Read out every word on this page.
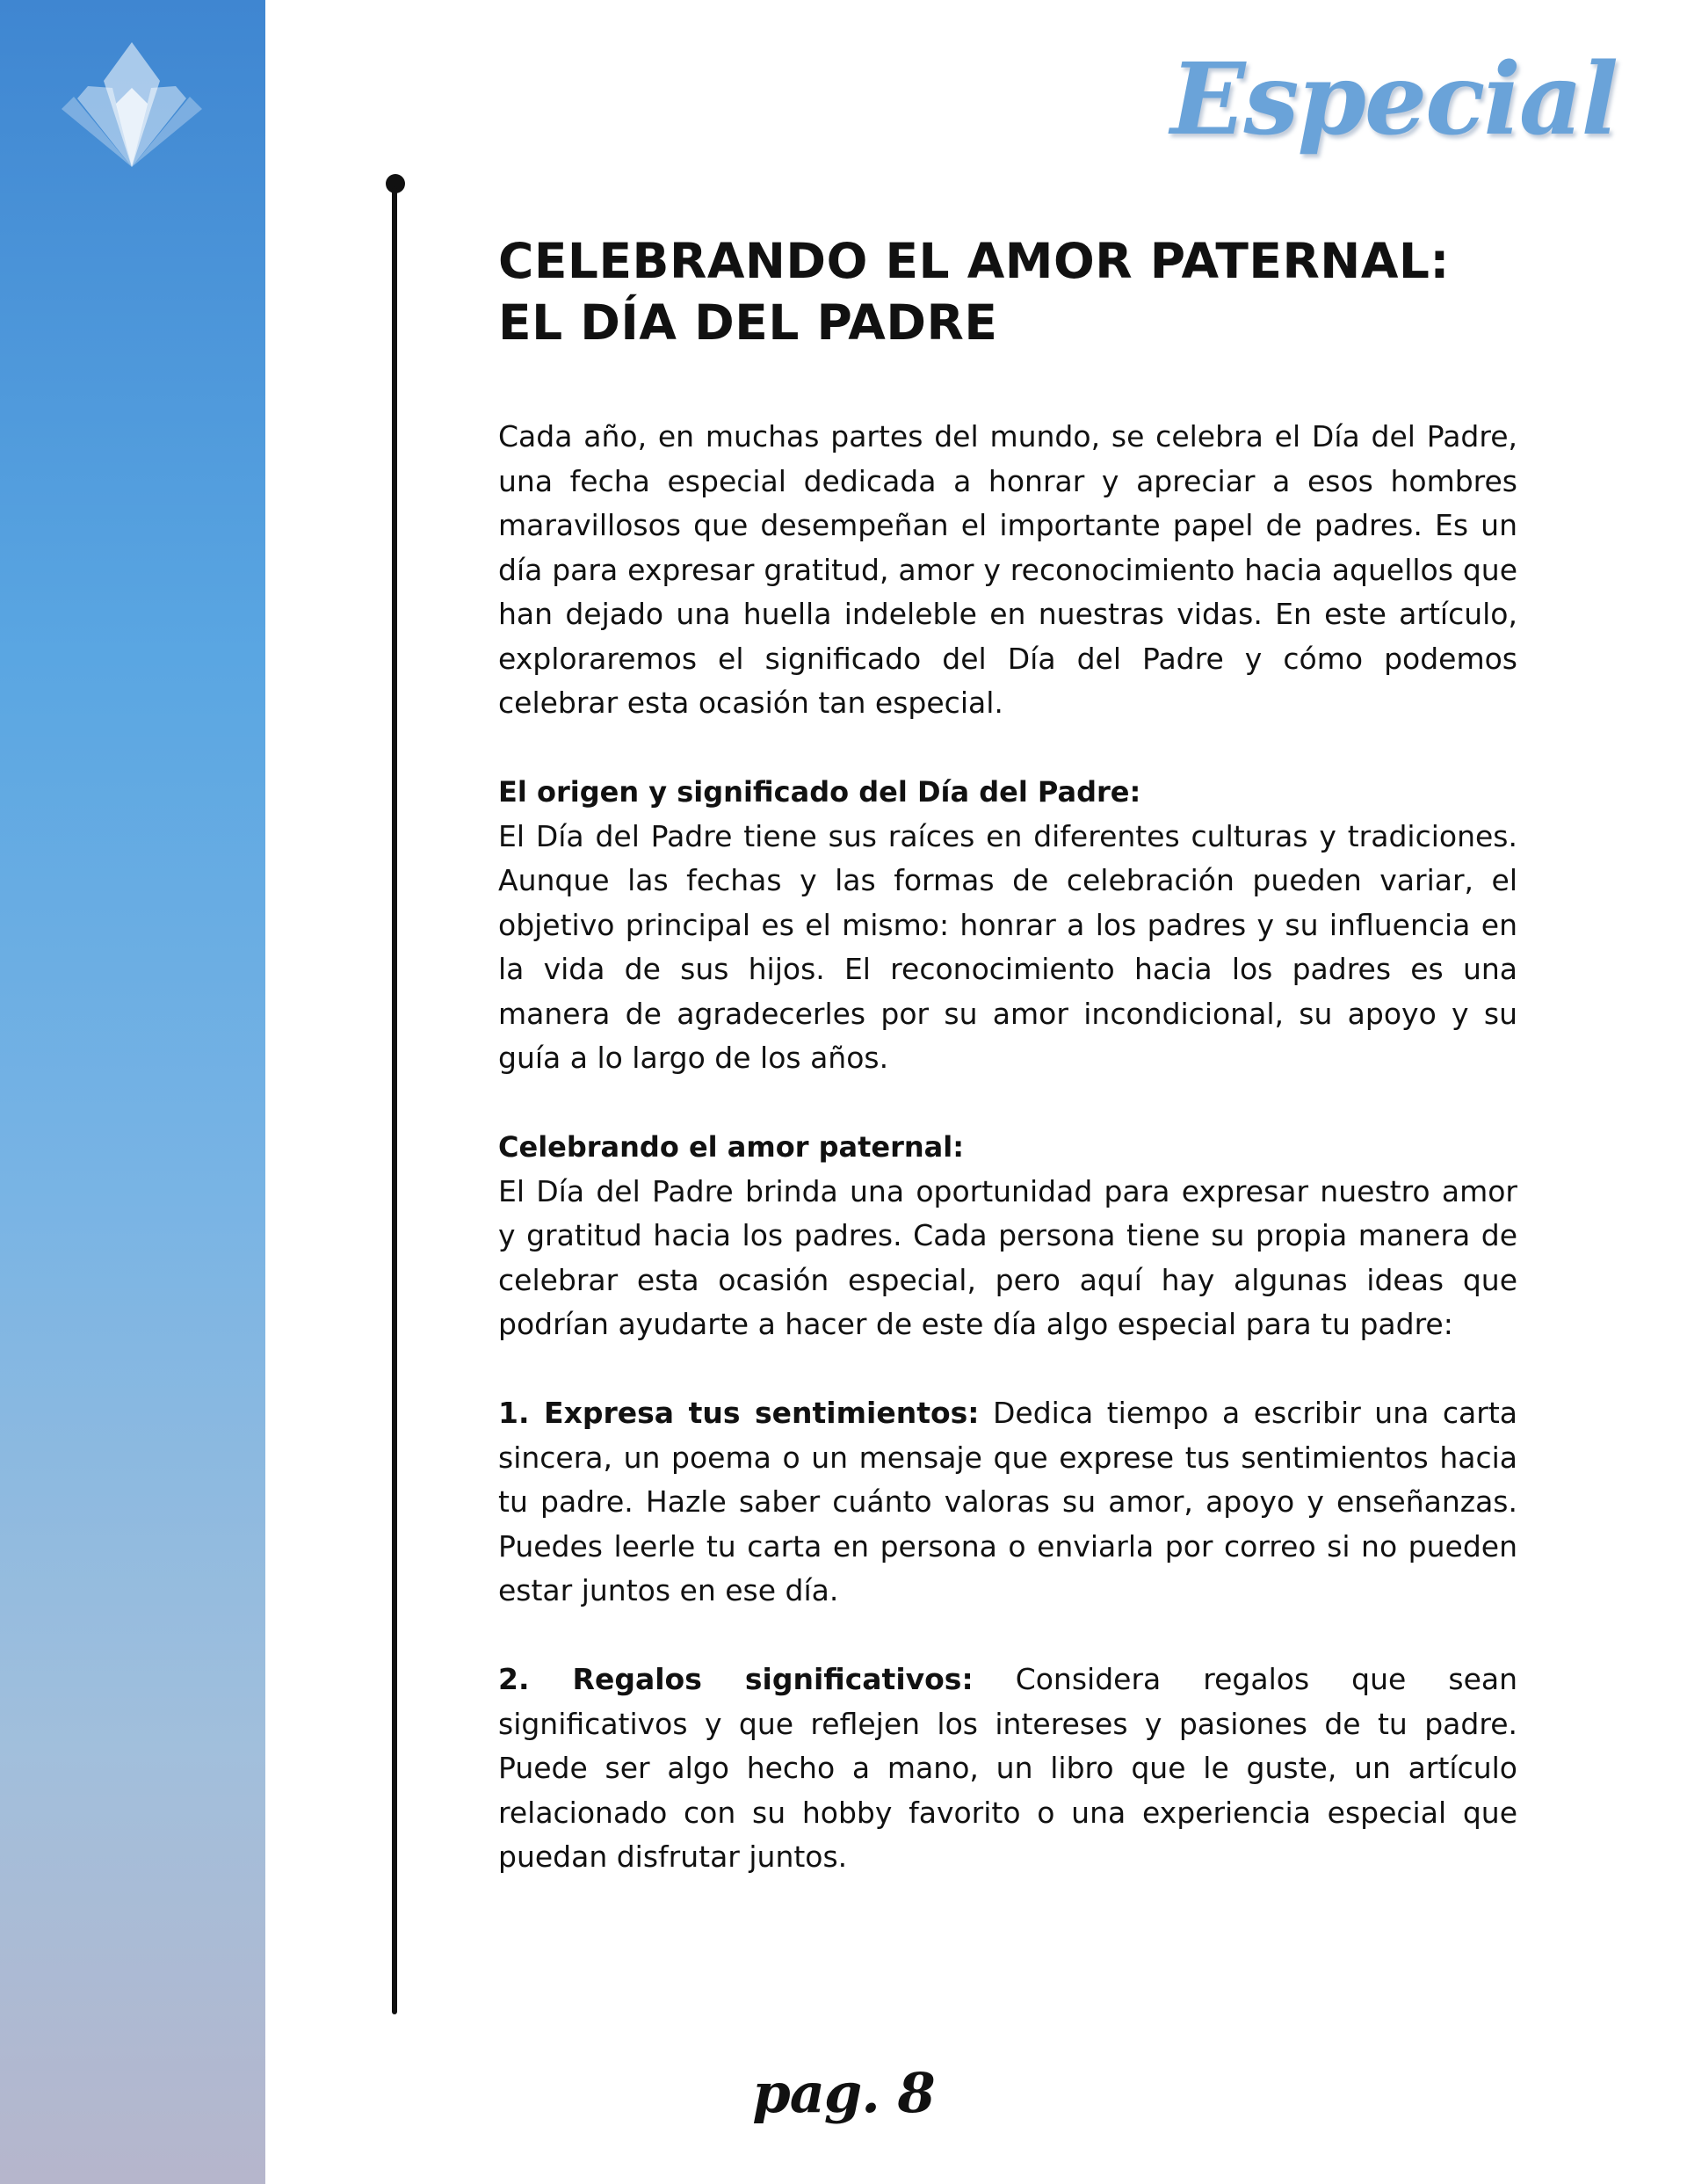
Especial
CELEBRANDO EL AMOR PATERNAL: EL DÍA DEL PADRE

Cada año, en muchas partes del mundo, se celebra el Día del Padre, una fecha especial dedicada a honrar y apreciar a esos hombres maravillosos que desempeñan el importante papel de padres. Es un día para expresar gratitud, amor y reconocimiento hacia aquellos que han dejado una huella indeleble en nuestras vidas. En este artículo, exploraremos el significado del Día del Padre y cómo podemos celebrar esta ocasión tan especial.

El origen y significado del Día del Padre:

El Día del Padre tiene sus raíces en diferentes culturas y tradiciones. Aunque las fechas y las formas de celebración pueden variar, el objetivo principal es el mismo: honrar a los padres y su influencia en la vida de sus hijos. El reconocimiento hacia los padres es una manera de agradecerles por su amor incondicional, su apoyo y su guía a lo largo de los años.

Celebrando el amor paternal:

El Día del Padre brinda una oportunidad para expresar nuestro amor y gratitud hacia los padres. Cada persona tiene su propia manera de celebrar esta ocasión especial, pero aquí hay algunas ideas que podrían ayudarte a hacer de este día algo especial para tu padre:

1. Expresa tus sentimientos: Dedica tiempo a escribir una carta sincera, un poema o un mensaje que exprese tus sentimientos hacia tu padre. Hazle saber cuánto valoras su amor, apoyo y enseñanzas. Puedes leerle tu carta en persona o enviarla por correo si no pueden estar juntos en ese día.

2. Regalos significativos: Considera regalos que sean significativos y que reflejen los intereses y pasiones de tu padre. Puede ser algo hecho a mano, un libro que le guste, un artículo relacionado con su hobby favorito o una experiencia especial que puedan disfrutar juntos.

pag. 8
